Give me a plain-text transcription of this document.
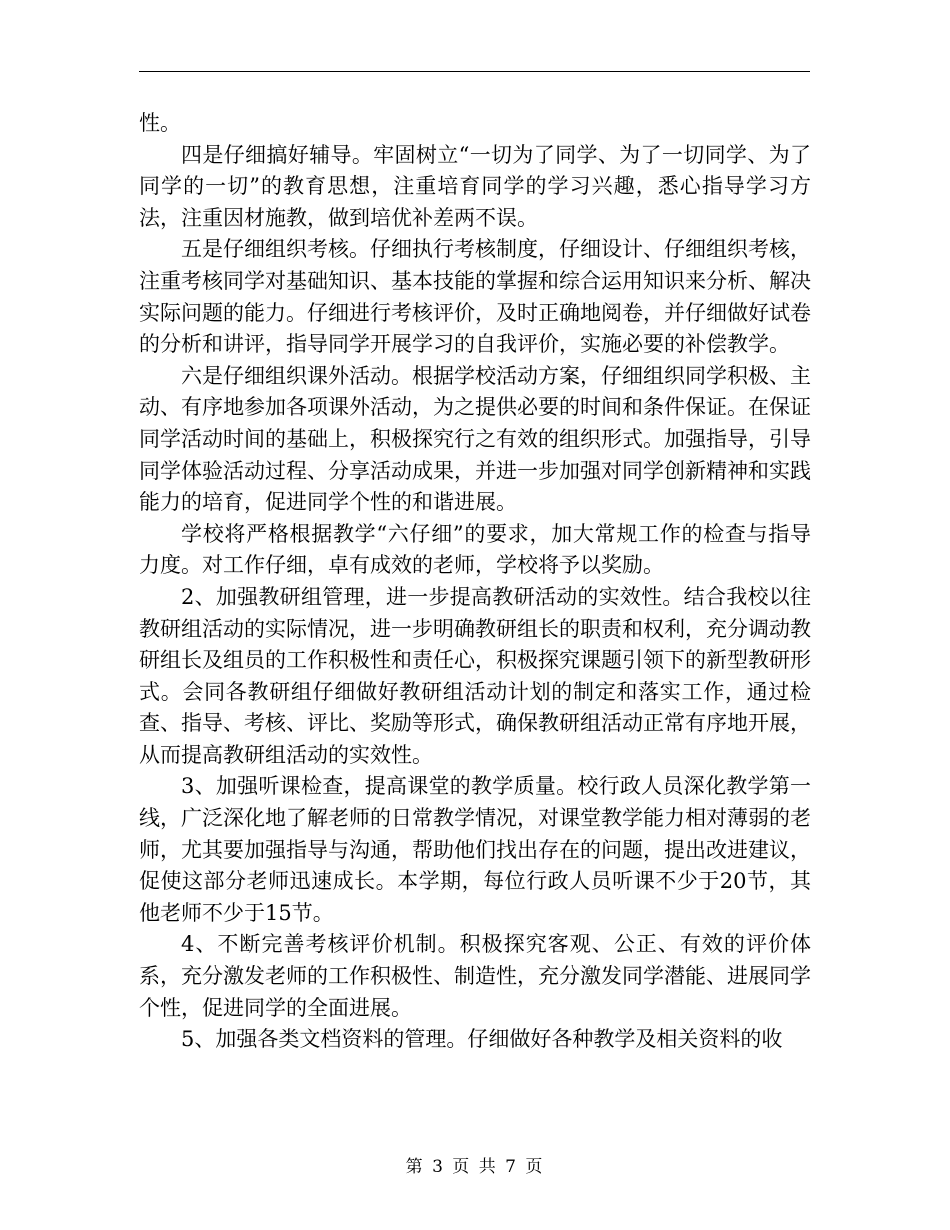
性。

四是仔细搞好辅导。牢固树立“一切为了同学、为了一切同学、为了同学的一切”的教育思想，注重培育同学的学习兴趣，悉心指导学习方法，注重因材施教，做到培优补差两不误。

五是仔细组织考核。仔细执行考核制度，仔细设计、仔细组织考核，注重考核同学对基础知识、基本技能的掌握和综合运用知识来分析、解决实际问题的能力。仔细进行考核评价，及时正确地阅卷，并仔细做好试卷的分析和讲评，指导同学开展学习的自我评价，实施必要的补偿教学。

六是仔细组织课外活动。根据学校活动方案，仔细组织同学积极、主动、有序地参加各项课外活动，为之提供必要的时间和条件保证。在保证同学活动时间的基础上，积极探究行之有效的组织形式。加强指导，引导同学体验活动过程、分享活动成果，并进一步加强对同学创新精神和实践能力的培育，促进同学个性的和谐进展。

学校将严格根据教学“六仔细”的要求，加大常规工作的检查与指导力度。对工作仔细，卓有成效的老师，学校将予以奖励。

2、加强教研组管理，进一步提高教研活动的实效性。结合我校以往教研组活动的实际情况，进一步明确教研组长的职责和权利，充分调动教研组长及组员的工作积极性和责任心，积极探究课题引领下的新型教研形式。会同各教研组仔细做好教研组活动计划的制定和落实工作，通过检查、指导、考核、评比、奖励等形式，确保教研组活动正常有序地开展，从而提高教研组活动的实效性。

3、加强听课检查，提高课堂的教学质量。校行政人员深化教学第一线，广泛深化地了解老师的日常教学情况，对课堂教学能力相对薄弱的老师，尤其要加强指导与沟通，帮助他们找出存在的问题，提出改进建议，促使这部分老师迅速成长。本学期，每位行政人员听课不少于20节，其他老师不少于15节。

4、不断完善考核评价机制。积极探究客观、公正、有效的评价体系，充分激发老师的工作积极性、制造性，充分激发同学潜能、进展同学个性，促进同学的全面进展。

5、加强各类文档资料的管理。仔细做好各种教学及相关资料的收

第 3 页 共 7 页
